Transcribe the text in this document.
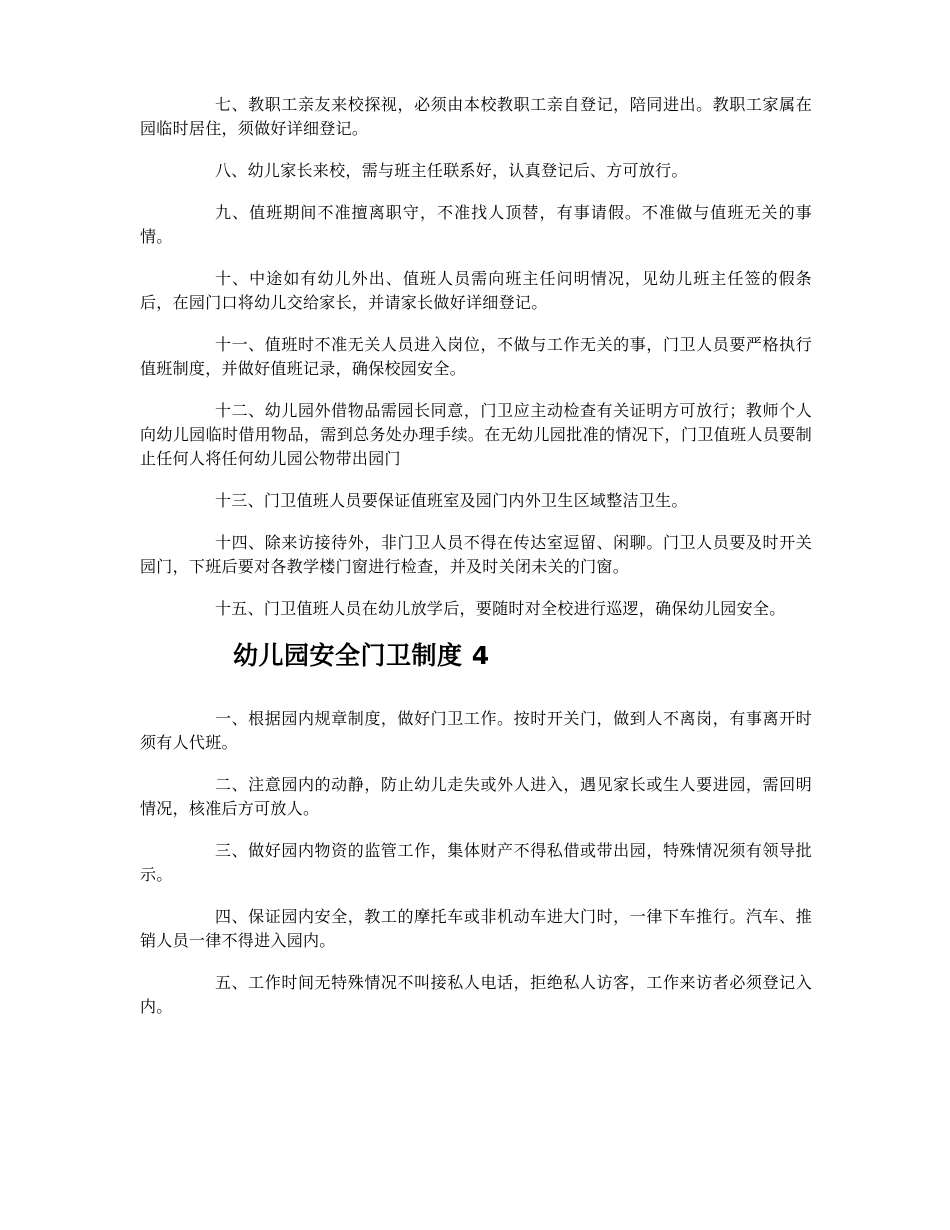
七、教职工亲友来校探视，必须由本校教职工亲自登记，陪同进出。教职工家属在园临时居住，须做好详细登记。

八、幼儿家长来校，需与班主任联系好，认真登记后、方可放行。

九、值班期间不准擅离职守，不准找人顶替，有事请假。不准做与值班无关的事情。

十、中途如有幼儿外出、值班人员需向班主任问明情况，见幼儿班主任签的假条后，在园门口将幼儿交给家长，并请家长做好详细登记。

十一、值班时不准无关人员进入岗位，不做与工作无关的事，门卫人员要严格执行值班制度，并做好值班记录，确保校园安全。

十二、幼儿园外借物品需园长同意，门卫应主动检查有关证明方可放行；教师个人向幼儿园临时借用物品，需到总务处办理手续。在无幼儿园批准的情况下，门卫值班人员要制止任何人将任何幼儿园公物带出园门

十三、门卫值班人员要保证值班室及园门内外卫生区域整洁卫生。

十四、除来访接待外，非门卫人员不得在传达室逗留、闲聊。门卫人员要及时开关园门，下班后要对各教学楼门窗进行检查，并及时关闭未关的门窗。

十五、门卫值班人员在幼儿放学后，要随时对全校进行巡逻，确保幼儿园安全。

幼儿园安全门卫制度 4

一、根据园内规章制度，做好门卫工作。按时开关门，做到人不离岗，有事离开时须有人代班。

二、注意园内的动静，防止幼儿走失或外人进入，遇见家长或生人要进园，需回明情况，核准后方可放人。

三、做好园内物资的监管工作，集体财产不得私借或带出园，特殊情况须有领导批示。

四、保证园内安全，教工的摩托车或非机动车进大门时，一律下车推行。汽车、推销人员一律不得进入园内。

五、工作时间无特殊情况不叫接私人电话，拒绝私人访客，工作来访者必须登记入内。
